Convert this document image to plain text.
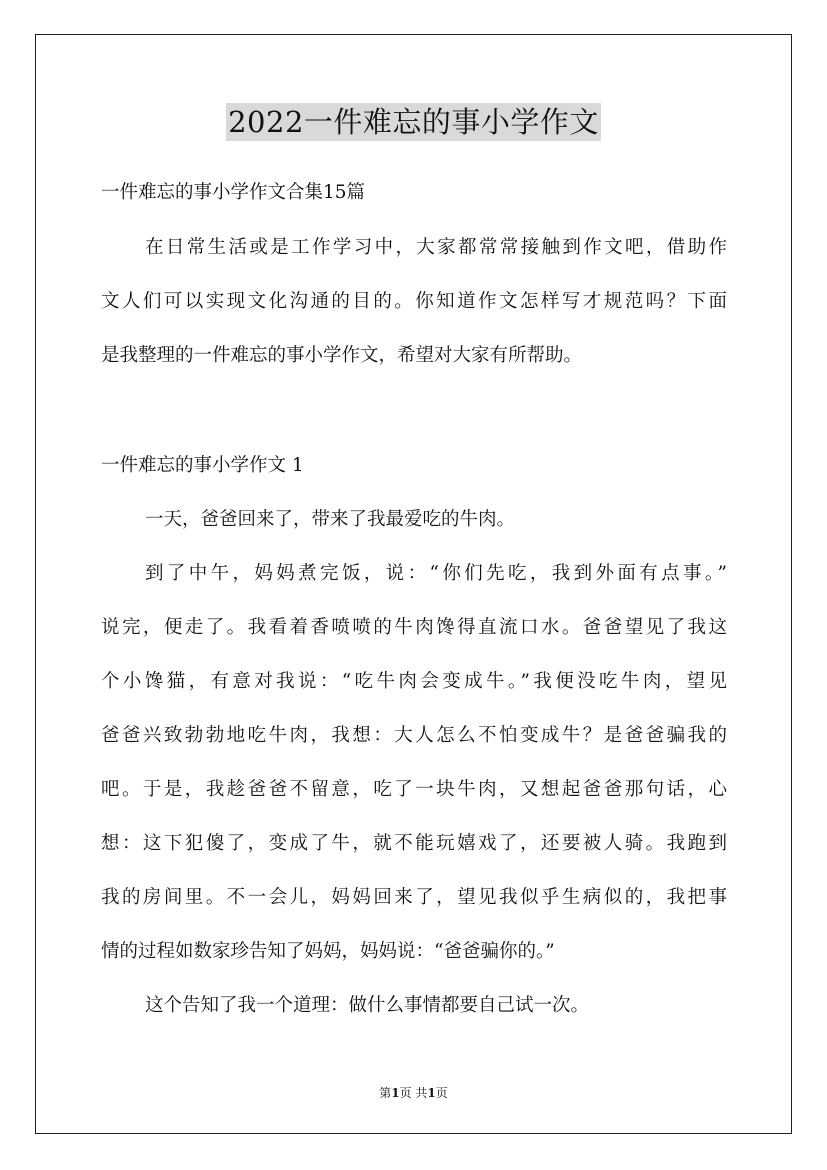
2022一件难忘的事小学作文
一件难忘的事小学作文合集15篇
在日常生活或是工作学习中，大家都常常接触到作文吧，借助作
文人们可以实现文化沟通的目的。你知道作文怎样写才规范吗？下面
是我整理的一件难忘的事小学作文，希望对大家有所帮助。
一件难忘的事小学作文 1
一天，爸爸回来了，带来了我最爱吃的牛肉。
到了中午，妈妈煮完饭，说：“你们先吃，我到外面有点事。”
说完，便走了。我看着香喷喷的牛肉馋得直流口水。爸爸望见了我这
个小馋猫，有意对我说：“吃牛肉会变成牛。”我便没吃牛肉，望见
爸爸兴致勃勃地吃牛肉，我想：大人怎么不怕变成牛？是爸爸骗我的
吧。于是，我趁爸爸不留意，吃了一块牛肉，又想起爸爸那句话，心
想：这下犯傻了，变成了牛，就不能玩嬉戏了，还要被人骑。我跑到
我的房间里。不一会儿，妈妈回来了，望见我似乎生病似的，我把事
情的过程如数家珍告知了妈妈，妈妈说：“爸爸骗你的。”
这个告知了我一个道理：做什么事情都要自己试一次。
第1页 共1页
